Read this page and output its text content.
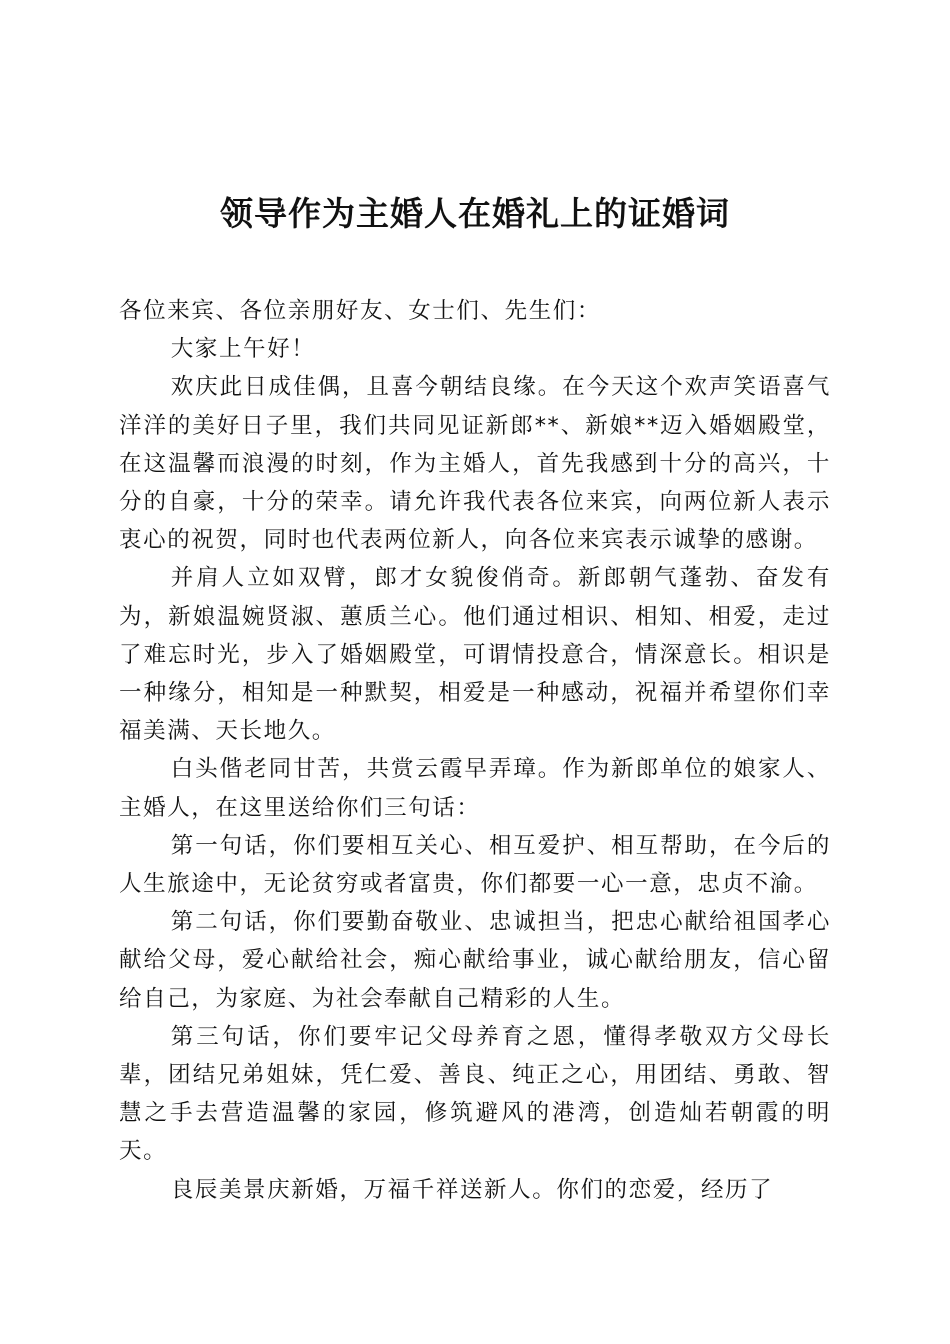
领导作为主婚人在婚礼上的证婚词

各位来宾、各位亲朋好友、女士们、先生们：

大家上午好！

欢庆此日成佳偶，且喜今朝结良缘。在今天这个欢声笑语喜气洋洋的美好日子里，我们共同见证新郎**、新娘**迈入婚姻殿堂，在这温馨而浪漫的时刻，作为主婚人，首先我感到十分的高兴，十分的自豪，十分的荣幸。请允许我代表各位来宾，向两位新人表示衷心的祝贺，同时也代表两位新人，向各位来宾表示诚挚的感谢。

并肩人立如双臂，郎才女貌俊俏奇。新郎朝气蓬勃、奋发有为，新娘温婉贤淑、蕙质兰心。他们通过相识、相知、相爱，走过了难忘时光，步入了婚姻殿堂，可谓情投意合，情深意长。相识是一种缘分，相知是一种默契，相爱是一种感动，祝福并希望你们幸福美满、天长地久。

白头偕老同甘苦，共赏云霞早弄璋。作为新郎单位的娘家人、主婚人，在这里送给你们三句话：

第一句话，你们要相互关心、相互爱护、相互帮助，在今后的人生旅途中，无论贫穷或者富贵，你们都要一心一意，忠贞不渝。

第二句话，你们要勤奋敬业、忠诚担当，把忠心献给祖国孝心献给父母，爱心献给社会，痴心献给事业，诚心献给朋友，信心留给自己，为家庭、为社会奉献自己精彩的人生。

第三句话，你们要牢记父母养育之恩，懂得孝敬双方父母长辈，团结兄弟姐妹，凭仁爱、善良、纯正之心，用团结、勇敢、智慧之手去营造温馨的家园，修筑避风的港湾，创造灿若朝霞的明天。

良辰美景庆新婚，万福千祥送新人。你们的恋爱，经历了
